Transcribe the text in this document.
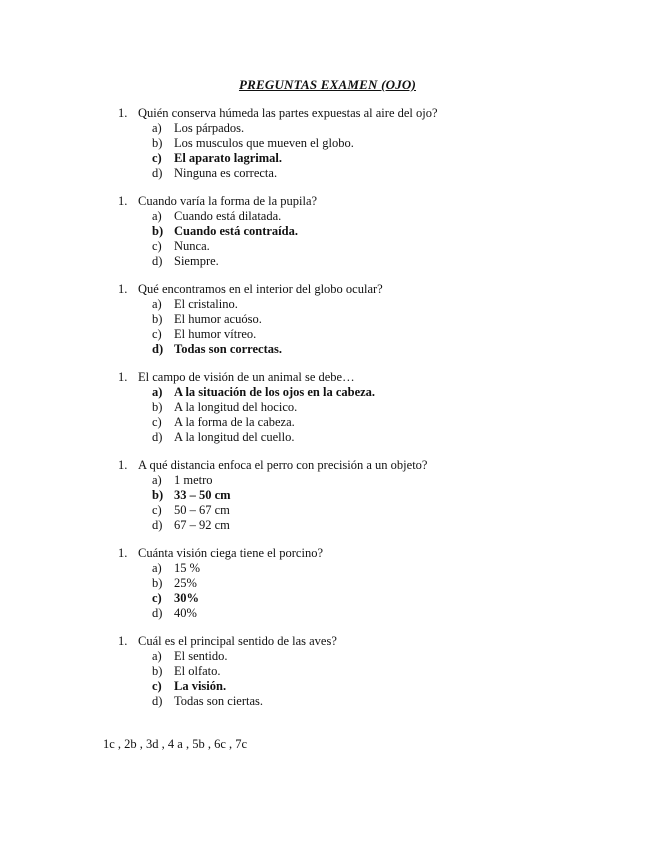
PREGUNTAS EXAMEN (OJO)
1. Quién conserva húmeda las partes expuestas al aire del ojo?
a) Los párpados.
b) Los musculos que mueven el globo.
c) El aparato lagrimal.
d) Ninguna es correcta.
1. Cuando varía la forma de la pupila?
a) Cuando está dilatada.
b) Cuando está contraída.
c) Nunca.
d) Siempre.
1. Qué encontramos en el interior del globo ocular?
a) El cristalino.
b) El humor acuóso.
c) El humor vítreo.
d) Todas son correctas.
1. El campo de visión de un animal se debe…
a) A la situación de los ojos en la cabeza.
b) A la longitud del hocico.
c) A la forma de la cabeza.
d) A la longitud del cuello.
1. A qué distancia enfoca el perro con precisión a un objeto?
a) 1 metro
b) 33 – 50 cm
c) 50 – 67 cm
d) 67 – 92 cm
1. Cuánta visión ciega tiene el porcino?
a) 15 %
b) 25%
c) 30%
d) 40%
1. Cuál es el principal sentido de las aves?
a) El sentido.
b) El olfato.
c) La visión.
d) Todas son ciertas.
1c , 2b , 3d , 4 a , 5b , 6c , 7c
